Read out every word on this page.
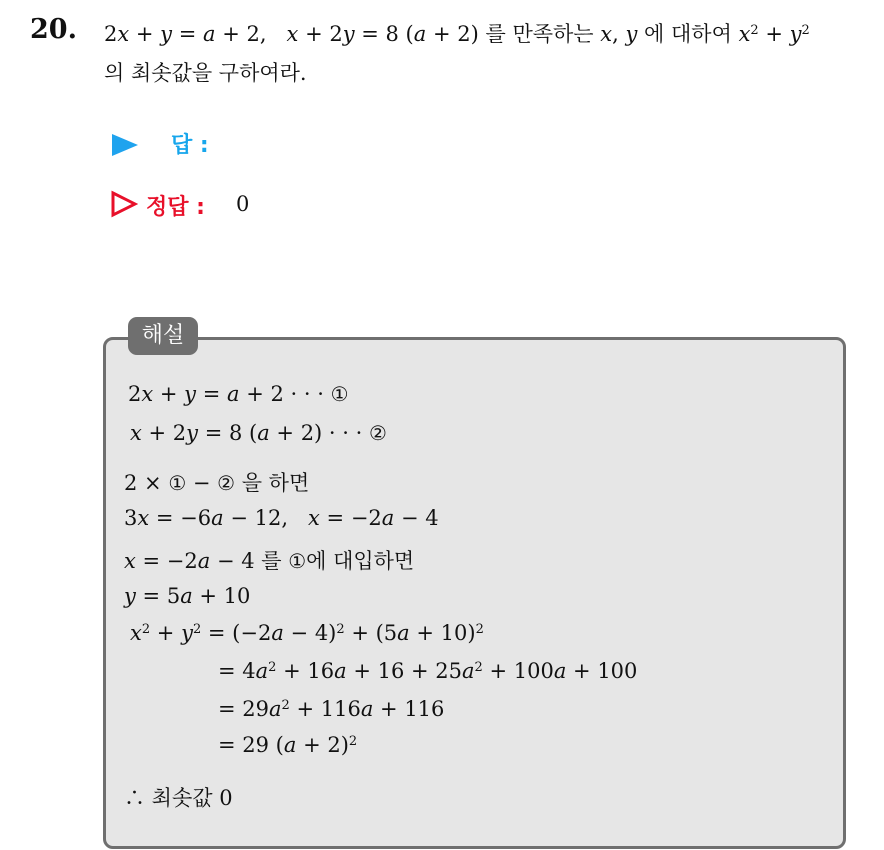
20. 2x + y = a + 2, x + 2y = 8 (a + 2) 를 만족하는 x, y 에 대하여 $x^2 + y^2$
의 최솟값을 구하여라.
답 :
정답 : 0
해설
2x + y = a + 2 · · · ①
x + 2y = 8 (a + 2) · · · ②
2 × ① − ② 을 하면
3x = −6a − 12,   x = −2a − 4
x = −2a − 4 를 ①에 대입하면
y = 5a + 10
$x^2 + y^2 = (-2a - 4)^2 + (5a + 10)^2$
= $4a^2 + 16a + 16 + 25a^2 + 100a + 100$
= $29a^2 + 116a + 116$
= 29 $(a + 2)^2$
∴ 최솟값 0
